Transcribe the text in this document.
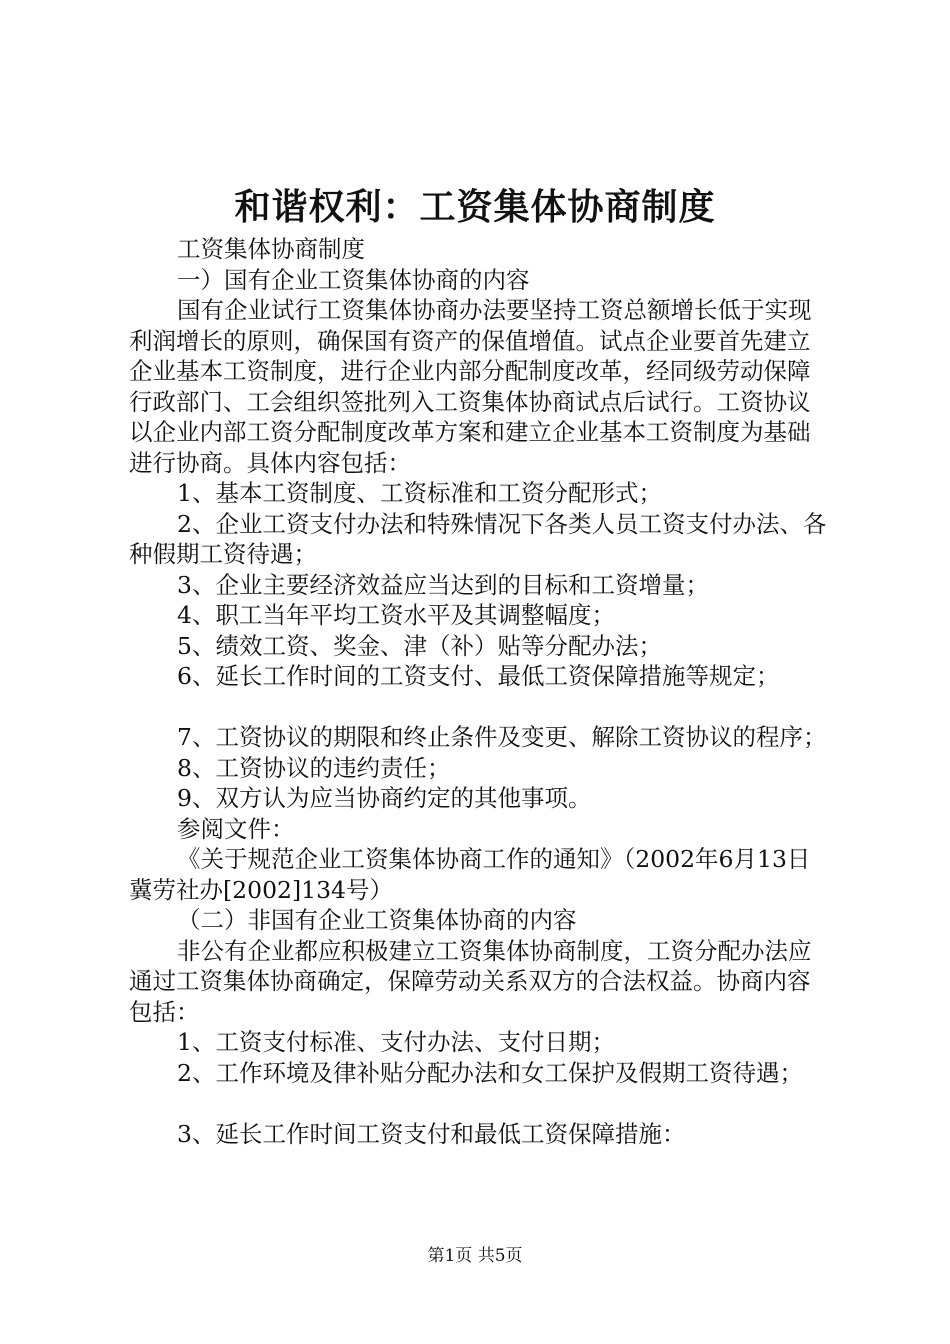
和谐权利：工资集体协商制度

工资集体协商制度

一）国有企业工资集体协商的内容

国有企业试行工资集体协商办法要坚持工资总额增长低于实现利润增长的原则，确保国有资产的保值增值。试点企业要首先建立企业基本工资制度，进行企业内部分配制度改革，经同级劳动保障行政部门、工会组织签批列入工资集体协商试点后试行。工资协议以企业内部工资分配制度改革方案和建立企业基本工资制度为基础进行协商。具体内容包括：

1、基本工资制度、工资标准和工资分配形式；

2、企业工资支付办法和特殊情况下各类人员工资支付办法、各种假期工资待遇；

3、企业主要经济效益应当达到的目标和工资增量；

4、职工当年平均工资水平及其调整幅度；

5、绩效工资、奖金、津（补）贴等分配办法；

6、延长工作时间的工资支付、最低工资保障措施等规定；

7、工资协议的期限和终止条件及变更、解除工资协议的程序；

8、工资协议的违约责任；

9、双方认为应当协商约定的其他事项。

参阅文件：

《关于规范企业工资集体协商工作的通知》（2002年6月13日冀劳社办[2002]134号）

（二）非国有企业工资集体协商的内容

非公有企业都应积极建立工资集体协商制度，工资分配办法应通过工资集体协商确定，保障劳动关系双方的合法权益。协商内容包括：

1、工资支付标准、支付办法、支付日期；

2、工作环境及律补贴分配办法和女工保护及假期工资待遇；

3、延长工作时间工资支付和最低工资保障措施：

第1页 共5页
